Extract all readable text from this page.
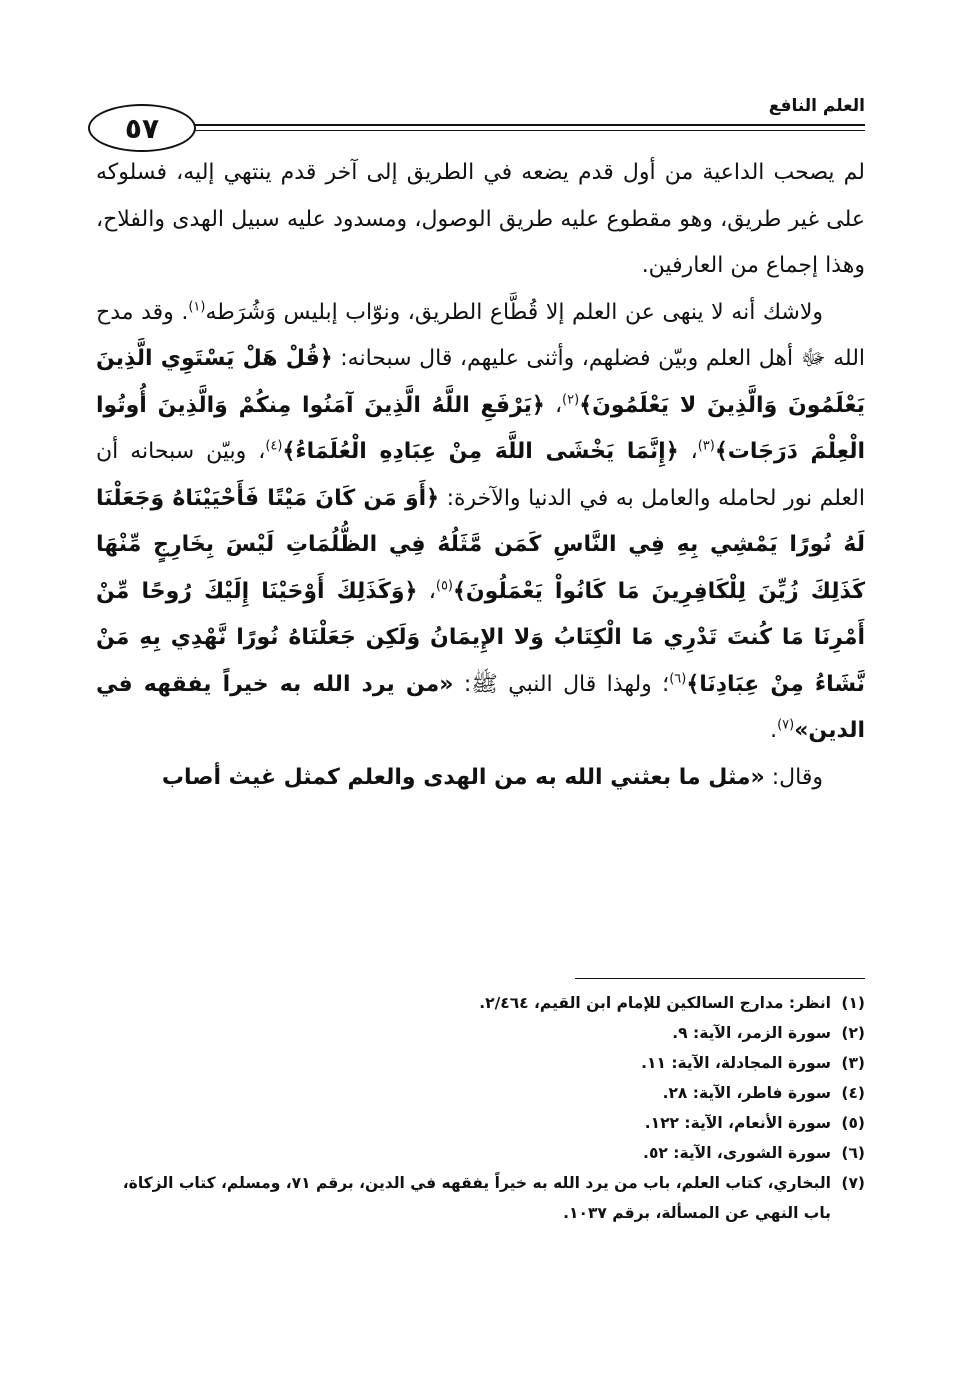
العلم النافع
٥٧

لم يصحب الداعية من أول قدم يضعه في الطريق إلى آخر قدم ينتهي إليه، فسلوكه على غير طريق، وهو مقطوع عليه طريق الوصول، ومسدود عليه سبيل الهدى والفلاح، وهذا إجماع من العارفين.

ولاشك أنه لا ينهى عن العلم إلا قُطَّاع الطريق، ونوّاب إبليس وَشُرَطه$^{(١)}$. وقد مدح الله ﷻ أهل العلم وبيّن فضلهم، وأثنى عليهم، قال سبحانه: ﴿قُلْ هَلْ يَسْتَوِي الَّذِينَ يَعْلَمُونَ وَالَّذِينَ لا يَعْلَمُونَ﴾$^{(٢)}$، ﴿يَرْفَعِ اللَّهُ الَّذِينَ آمَنُوا مِنكُمْ وَالَّذِينَ أُوتُوا الْعِلْمَ دَرَجَات﴾$^{(٣)}$، ﴿إِنَّمَا يَخْشَى اللَّهَ مِنْ عِبَادِهِ الْعُلَمَاءُ﴾$^{(٤)}$، وبيّن سبحانه أن العلم نور لحامله والعامل به في الدنيا والآخرة: ﴿أَوَ مَن كَانَ مَيْتًا فَأَحْيَيْنَاهُ وَجَعَلْنَا لَهُ نُورًا يَمْشِي بِهِ فِي النَّاسِ كَمَن مَّثَلُهُ فِي الظُّلُمَاتِ لَيْسَ بِخَارِجٍ مِّنْهَا كَذَلِكَ زُيِّنَ لِلْكَافِرِينَ مَا كَانُواْ يَعْمَلُونَ﴾$^{(٥)}$، ﴿وَكَذَلِكَ أَوْحَيْنَا إِلَيْكَ رُوحًا مِّنْ أَمْرِنَا مَا كُنتَ تَدْرِي مَا الْكِتَابُ وَلا الإِيمَانُ وَلَكِن جَعَلْنَاهُ نُورًا نَّهْدِي بِهِ مَنْ نَّشَاءُ مِنْ عِبَادِنَا﴾$^{(٦)}$؛ ولهذا قال النبي ﷺ: «من يرد الله به خيراً يفقهه في الدين»$^{(٧)}$.

وقال: «مثل ما بعثني الله به من الهدى والعلم كمثل غيث أصاب

(١)
انظر: مدارج السالكين للإمام ابن القيم، ٢/٤٦٤.
(٢)
سورة الزمر، الآية: ٩.
(٣)
سورة المجادلة، الآية: ١١.
(٤)
سورة فاطر، الآية: ٢٨.
(٥)
سورة الأنعام، الآية: ١٢٢.
(٦)
سورة الشورى، الآية: ٥٢.
(٧)
البخاري، كتاب العلم، باب من يرد الله به خيراً يفقهه في الدين، برقم ٧١، ومسلم، كتاب الزكاة، باب النهي عن المسألة، برقم ١٠٣٧.
